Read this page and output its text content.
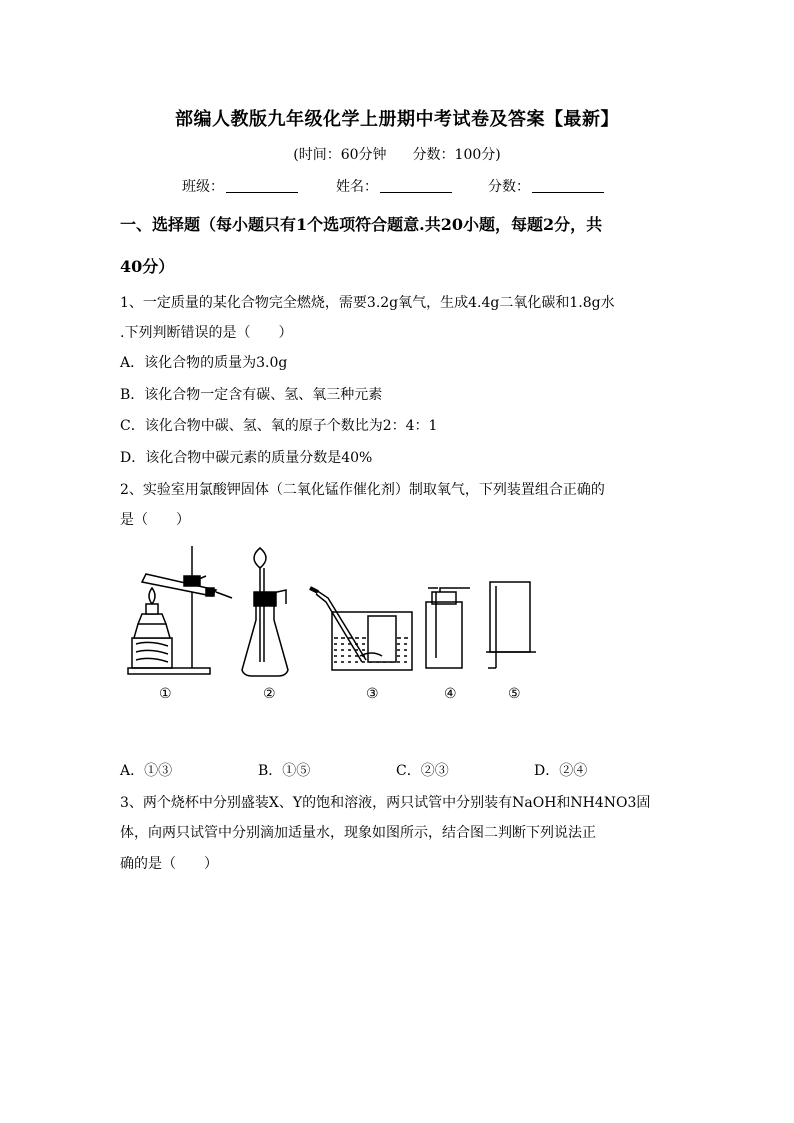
部编人教版九年级化学上册期中考试卷及答案【最新】
(时间：60分钟 分数：100分)
班级：	姓名：	分数：
一、选择题（每小题只有1个选项符合题意.共20小题，每题2分，共
40分）
1、一定质量的某化合物完全燃烧，需要3.2g氧气，生成4.4g二氧化碳和1.8g水
.下列判断错误的是（　　）
A．该化合物的质量为3.0g
B．该化合物一定含有碳、氢、氧三种元素
C．该化合物中碳、氢、氧的原子个数比为2：4：1
D．该化合物中碳元素的质量分数是40%
2、实验室用氯酸钾固体（二氧化锰作催化剂）制取氧气，下列装置组合正确的
是（　　）
①	②	③	④	⑤
A．①③	B．①⑤	C．②③	D．②④
3、两个烧杯中分别盛装X、Y的饱和溶液，两只试管中分别装有NaOH和NH4NO3固
体，向两只试管中分别滴加适量水，现象如图所示，结合图二判断下列说法正
确的是（　　）
